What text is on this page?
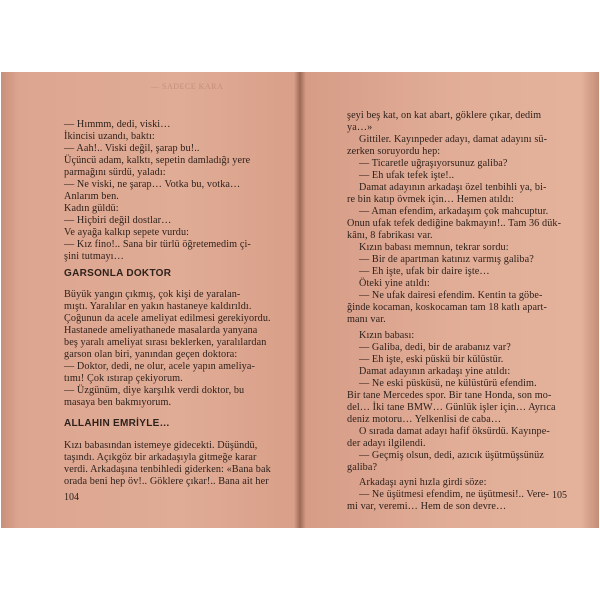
— SADECE KARA
— Hımmm, dedi, viski…
İkincisi uzandı, baktı:
— Aah!.. Viski değil, şarap bu!..
Üçüncü adam, kalktı, sepetin damladığı yere
parmağını sürdü, yaladı:
— Ne viski, ne şarap… Votka bu, votka…
Anlarım ben.
Kadın güldü:
— Hiçbiri değil dostlar…
Ve ayağa kalkıp sepete vurdu:
— Kız fino!.. Sana bir türlü öğretemedim çi-
şini tutmayı…
GARSONLA DOKTOR
Büyük yangın çıkmış, çok kişi de yaralan-
mıştı. Yaralılar en yakın hastaneye kaldırıldı.
Çoğunun da acele ameliyat edilmesi gerekiyordu.
Hastanede ameliyathanede masalarda yanyana
beş yaralı ameliyat sırası beklerken, yaralılardan
garson olan biri, yanından geçen doktora:
— Doktor, dedi, ne olur, acele yapın ameliya-
tımı! Çok ıstırap çekiyorum.
— Üzgünüm, diye karşılık verdi doktor, bu
masaya ben bakmıyorum.
ALLAHIN EMRİYLE…
Kızı babasından istemeye gidecekti. Düşündü,
taşındı. Açıkgöz bir arkadaşıyla gitmeğe karar
verdi. Arkadaşına tenbihledi giderken: «Bana bak
orada beni hep öv!.. Göklere çıkar!.. Bana ait her
104
şeyi beş kat, on kat abart, göklere çıkar, dedim
ya…»
Gittiler. Kayınpeder adayı, damat adayını sü-
zerken soruyordu hep:
— Ticaretle uğraşıyorsunuz galiba?
— Eh ufak tefek işte!..
Damat adayının arkadaşı özel tenbihli ya, bi-
re bin katıp övmek için… Hemen atıldı:
— Aman efendim, arkadaşım çok mahcuptur.
Onun ufak tefek dediğine bakmayın!.. Tam 36 dük-
kânı, 8 fabrikası var.
Kızın babası memnun, tekrar sordu:
— Bir de apartman katınız varmış galiba?
— Eh işte, ufak bir daire işte…
Öteki yine atıldı:
— Ne ufak dairesi efendim. Kentin ta göbe-
ğinde kocaman, koskocaman tam 18 katlı apart-
manı var.
Kızın babası:
— Galiba, dedi, bir de arabanız var?
— Eh işte, eski püskü bir külüstür.
Damat adayının arkadaşı yine atıldı:
— Ne eski püsküsü, ne külüstürü efendim.
Bir tane Mercedes spor. Bir tane Honda, son mo-
del… İki tane BMW… Günlük işler için… Ayrıca
deniz motoru… Yelkenlisi de caba…
O sırada damat adayı hafif öksürdü. Kayınpe-
der adayı ilgilendi.
— Geçmiş olsun, dedi, azıcık üşütmüşsünüz
galiba?
Arkadaşı ayni hızla girdi söze:
— Ne üşütmesi efendim, ne üşütmesi!.. Vere-
mi var, veremi… Hem de son devre…
105
